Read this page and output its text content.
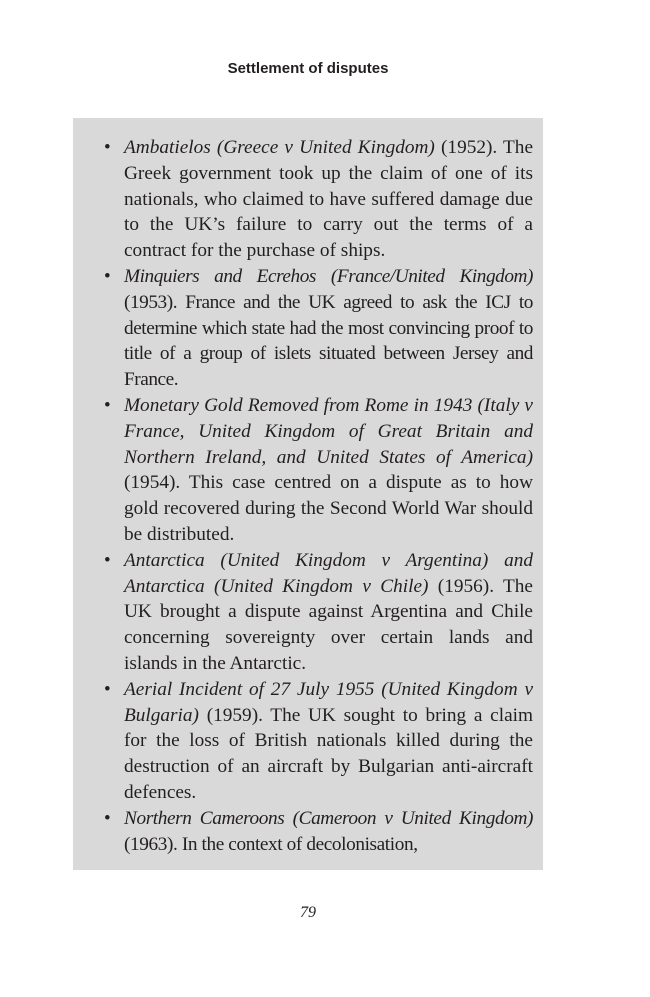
Settlement of disputes
• Ambatielos (Greece v United Kingdom) (1952). The Greek government took up the claim of one of its nationals, who claimed to have suffered damage due to the UK’s failure to carry out the terms of a contract for the purchase of ships.
• Minquiers and Ecrehos (France/United Kingdom) (1953). France and the UK agreed to ask the ICJ to determine which state had the most convincing proof to title of a group of islets situated between Jersey and France.
• Monetary Gold Removed from Rome in 1943 (Italy v France, United Kingdom of Great Britain and Northern Ireland, and United States of America) (1954). This case centred on a dispute as to how gold recovered during the Second World War should be distributed.
• Antarctica (United Kingdom v Argentina) and Antarctica (United Kingdom v Chile) (1956). The UK brought a dispute against Argentina and Chile concerning sovereignty over certain lands and islands in the Antarctic.
• Aerial Incident of 27 July 1955 (United Kingdom v Bulgaria) (1959). The UK sought to bring a claim for the loss of British nationals killed during the destruction of an aircraft by Bulgarian anti-aircraft defences.
• Northern Cameroons (Cameroon v United Kingdom) (1963). In the context of decolonisation,
79
